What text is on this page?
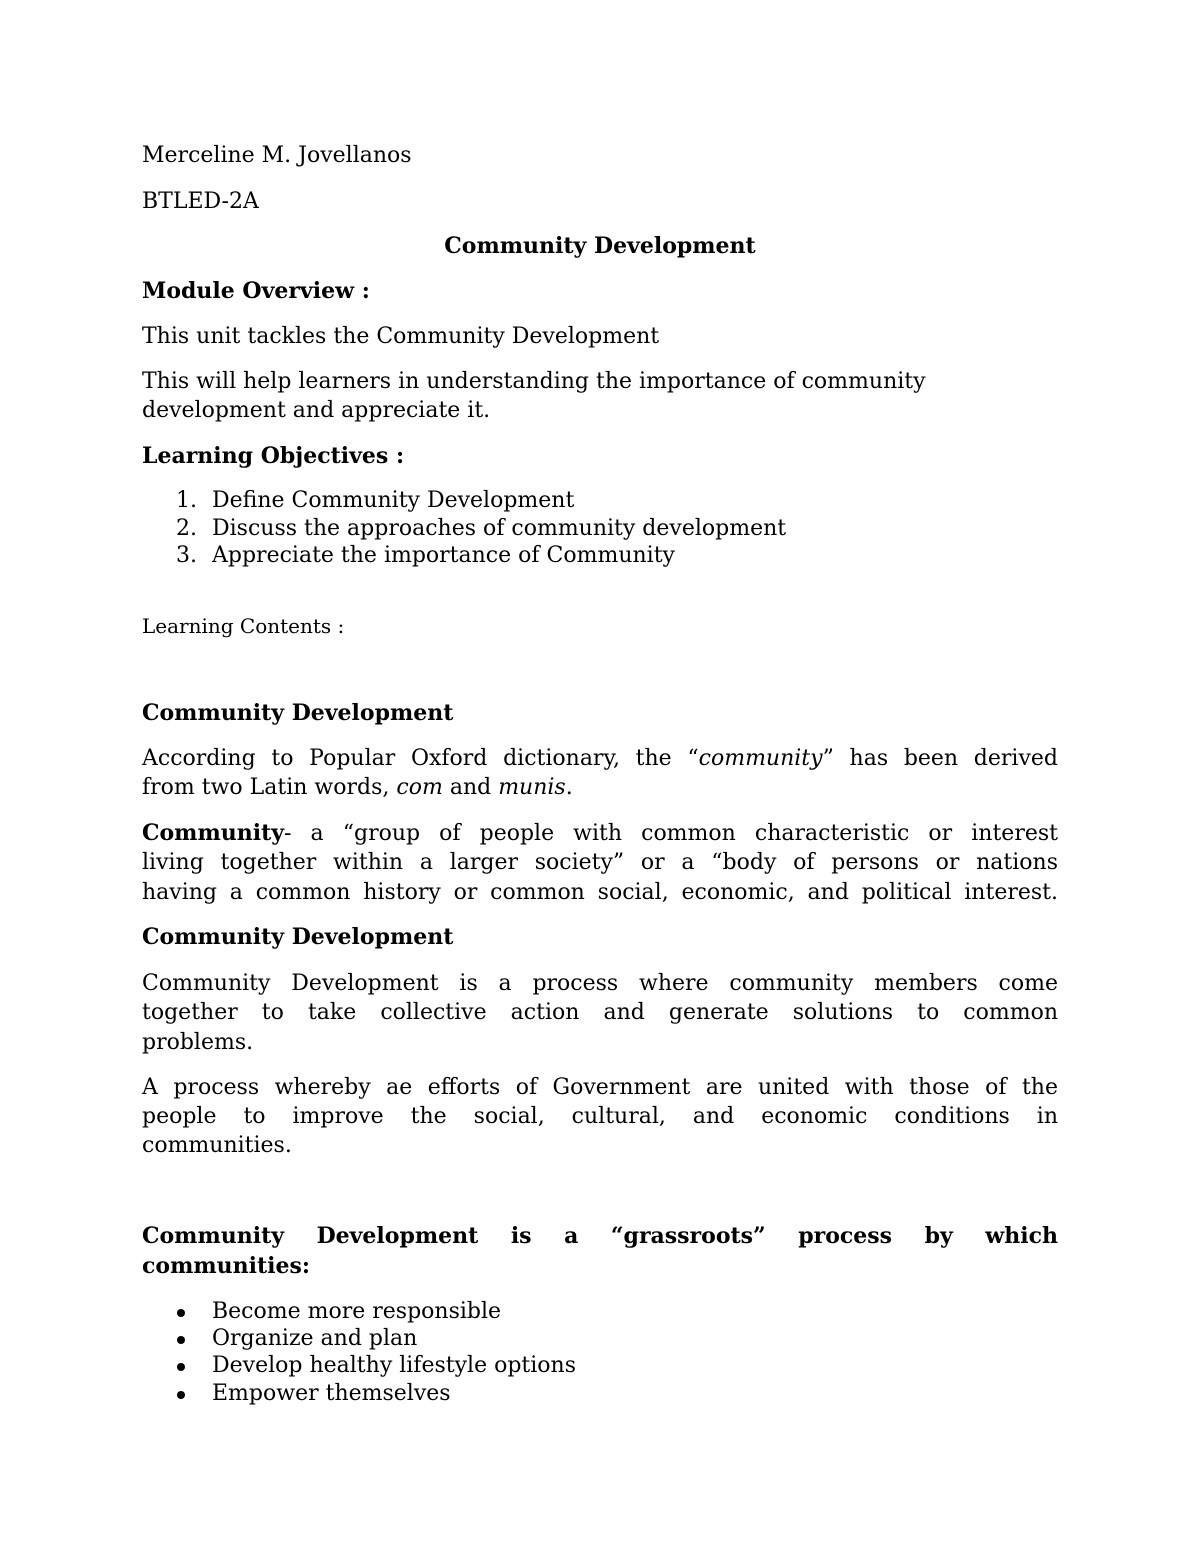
Merceline M. Jovellanos
BTLED-2A
Community Development
Module Overview :
This unit tackles the Community Development
This will help learners in understanding the importance of community
development and appreciate it.
Learning Objectives :
1. Define Community Development
2. Discuss the approaches of community development
3. Appreciate the importance of Community
Learning Contents :
Community Development
According to Popular Oxford dictionary, the “community” has been derived
from two Latin words, com and munis.
Community- a “group of people with common characteristic or interest
living together within a larger society” or a “body of persons or nations
having a common history or common social, economic, and political interest.
Community Development
Community Development is a process where community members come
together to take collective action and generate solutions to common
problems.
A process whereby ae efforts of Government are united with those of the
people to improve the social, cultural, and economic conditions in
communities.
Community Development is a “grassroots” process by which
communities:
Become more responsible
Organize and plan
Develop healthy lifestyle options
Empower themselves
